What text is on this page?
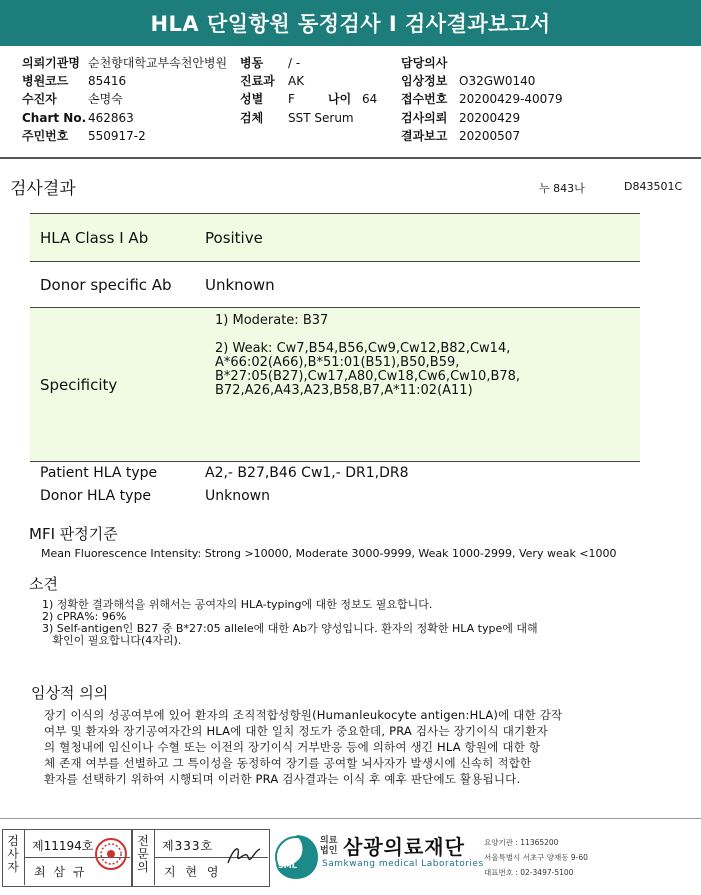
HLA 단일항원 동정검사 I 검사결과보고서
의뢰기관명 순천향대학교부속천안병원
병원코드	85416
수진자	손명숙
Chart No. 462863
주민번호	550917-2
병동	/ -
진료과	AK
성별	F	나이 64
검체	SST Serum
담당의사
임상정보 O32GW0140
접수번호 20200429-40079
검사의뢰 20200429
결과보고 20200507
검사결과	누 843나	D843501C
HLA Class I Ab	Positive
Donor specific Ab	Unknown
Specificity
1) Moderate: B37
2) Weak: Cw7,B54,B56,Cw9,Cw12,B82,Cw14,
A*66:02(A66),B*51:01(B51),B50,B59,
B*27:05(B27),Cw17,A80,Cw18,Cw6,Cw10,B78,
B72,A26,A43,A23,B58,B7,A*11:02(A11)
Patient HLA type	A2,- B27,B46 Cw1,- DR1,DR8
Donor HLA type	Unknown
MFI 판정기준
Mean Fluorescence Intensity: Strong >10000, Moderate 3000-9999, Weak 1000-2999, Very weak <1000
소견
1) 정확한 결과해석을 위해서는 공여자의 HLA-typing에 대한 정보도 필요합니다.
2) cPRA%: 96%
3) Self-antigen인 B27 중 B*27:05 allele에 대한 Ab가 양성입니다. 환자의 정확한 HLA type에 대해
확인이 필요합니다(4자리).
임상적 의의
장기 이식의 성공여부에 있어 환자의 조직적합성항원(Humanleukocyte antigen:HLA)에 대한 감작
여부 및 환자와 장기공여자간의 HLA에 대한 일치 정도가 중요한데, PRA 검사는 장기이식 대기환자
의 혈청내에 임신이나 수혈 또는 이전의 장기이식 거부반응 등에 의하여 생긴 HLA 항원에 대한 항
체 존재 여부를 선별하고 그 특이성을 동정하여 장기를 공여할 뇌사자가 발생시에 신속히 적합한
환자를 선택하기 위하여 시행되며 이러한 PRA 검사결과는 이식 후 예후 판단에도 활용됩니다.
검
사
자
제11194호
최 삼 규
전
문
의
제333호
지 현 영	SML
의료
법인 삼광의료재단
Samkwang medical Laboratories
요양기관 : 11365200
서울특별시 서초구 양재동 9-60
대표번호 : 02-3497-5100
